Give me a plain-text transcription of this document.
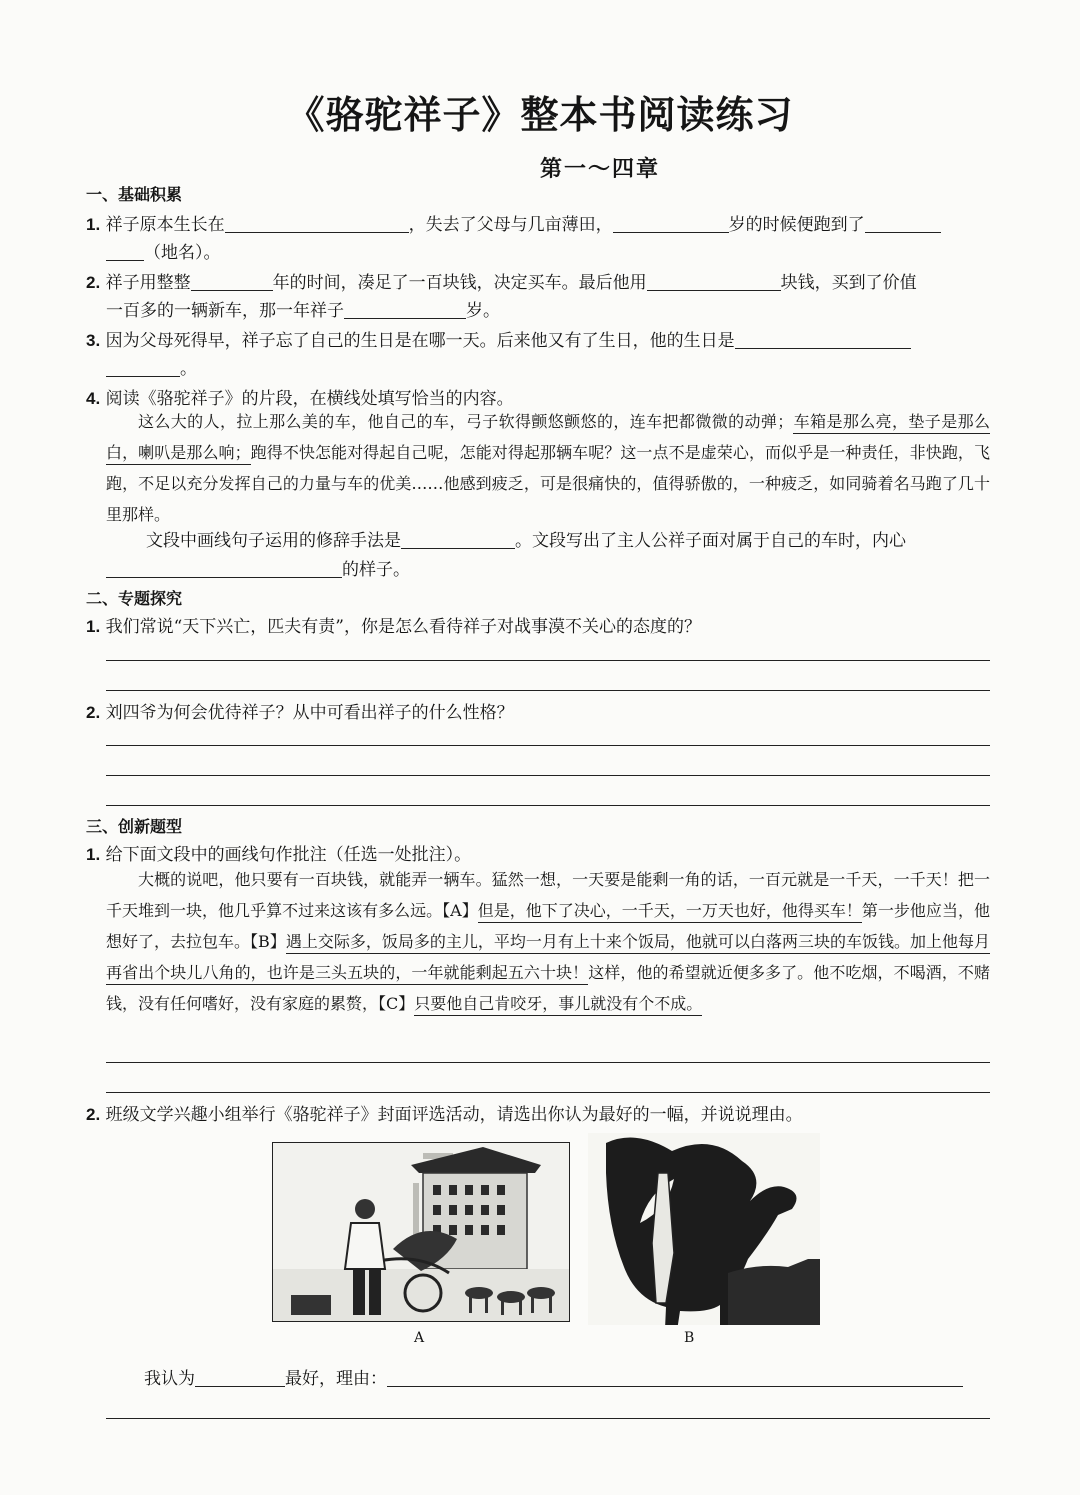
《骆驼祥子》整本书阅读练习
第一～四章
一、基础积累
1. 祥子原本生长在	，失去了父母与几亩薄田，	岁的时候便跑到了
（地名）。
2. 祥子用整整	年的时间，凑足了一百块钱，决定买车。最后他用	块钱，买到了价值
一百多的一辆新车，那一年祥子	岁。
3. 因为父母死得早，祥子忘了自己的生日是在哪一天。后来他又有了生日，他的生日是
。
4. 阅读《骆驼祥子》的片段，在横线处填写恰当的内容。
这么大的人，拉上那么美的车，他自己的车，弓子软得颤悠颤悠的，连车把都微微的动弹；车箱是那么亮，垫子是那么白，喇叭是那么响；跑得不快怎能对得起自己呢，怎能对得起那辆车呢？这一点不是虚荣心，而似乎是一种责任，非快跑，飞跑，不足以充分发挥自己的力量与车的优美……他感到疲乏，可是很痛快的，值得骄傲的，一种疲乏，如同骑着名马跑了几十里那样。
文段中画线句子运用的修辞手法是	。文段写出了主人公祥子面对属于自己的车时，内心
的样子。
二、专题探究
1. 我们常说“天下兴亡，匹夫有责”，你是怎么看待祥子对战事漠不关心的态度的？
2. 刘四爷为何会优待祥子？从中可看出祥子的什么性格？
三、创新题型
1. 给下面文段中的画线句作批注（任选一处批注）。
大概的说吧，他只要有一百块钱，就能弄一辆车。猛然一想，一天要是能剩一角的话，一百元就是一千天，一千天！把一千天堆到一块，他几乎算不过来这该有多么远。【A】但是，他下了决心，一千天，一万天也好，他得买车！第一步他应当，他想好了，去拉包车。【B】遇上交际多，饭局多的主儿，平均一月有上十来个饭局，他就可以白落两三块的车饭钱。加上他每月再省出个块儿八角的，也许是三头五块的，一年就能剩起五六十块！这样，他的希望就近便多多了。他不吃烟，不喝酒，不赌钱，没有任何嗜好，没有家庭的累赘，【C】只要他自己肯咬牙，事儿就没有个不成。
2. 班级文学兴趣小组举行《骆驼祥子》封面评选活动，请选出你认为最好的一幅，并说说理由。
A	B
我认为	最好，理由：
